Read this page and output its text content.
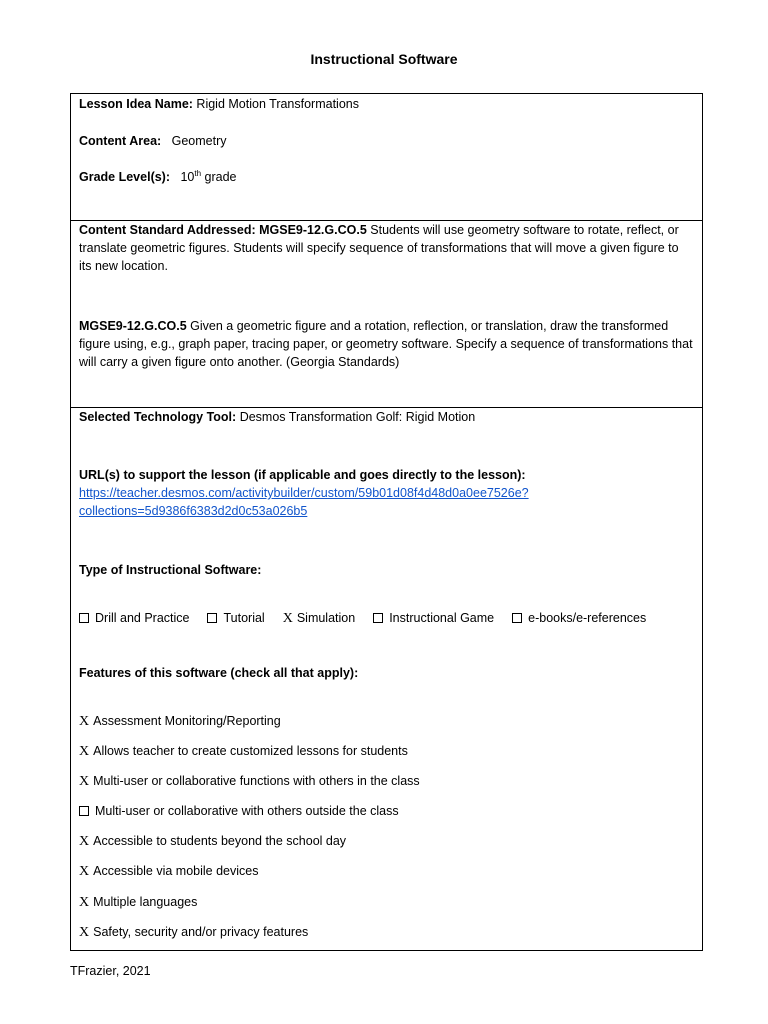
Instructional Software
Lesson Idea Name: Rigid Motion Transformations
Content Area: Geometry
Grade Level(s): 10th grade
Content Standard Addressed: MGSE9-12.G.CO.5 Students will use geometry software to rotate, reflect, or translate geometric figures. Students will specify sequence of transformations that will move a given figure to its new location.
MGSE9-12.G.CO.5 Given a geometric figure and a rotation, reflection, or translation, draw the transformed figure using, e.g., graph paper, tracing paper, or geometry software. Specify a sequence of transformations that will carry a given figure onto another. (Georgia Standards)
Selected Technology Tool: Desmos Transformation Golf: Rigid Motion
URL(s) to support the lesson (if applicable and goes directly to the lesson):
https://teacher.desmos.com/activitybuilder/custom/59b01d08f4d48d0a0ee7526e?
collections=5d9386f6383d2d0c53a026b5
Type of Instructional Software:
Drill and Practice	Tutorial X Simulation	Instructional Game	e-books/e-references
Features of this software (check all that apply):
X Assessment Monitoring/Reporting
X Allows teacher to create customized lessons for students
X Multi-user or collaborative functions with others in the class
Multi-user or collaborative with others outside the class
X Accessible to students beyond the school day
X Accessible via mobile devices
X Multiple languages
X Safety, security and/or privacy features
TFrazier, 2021
